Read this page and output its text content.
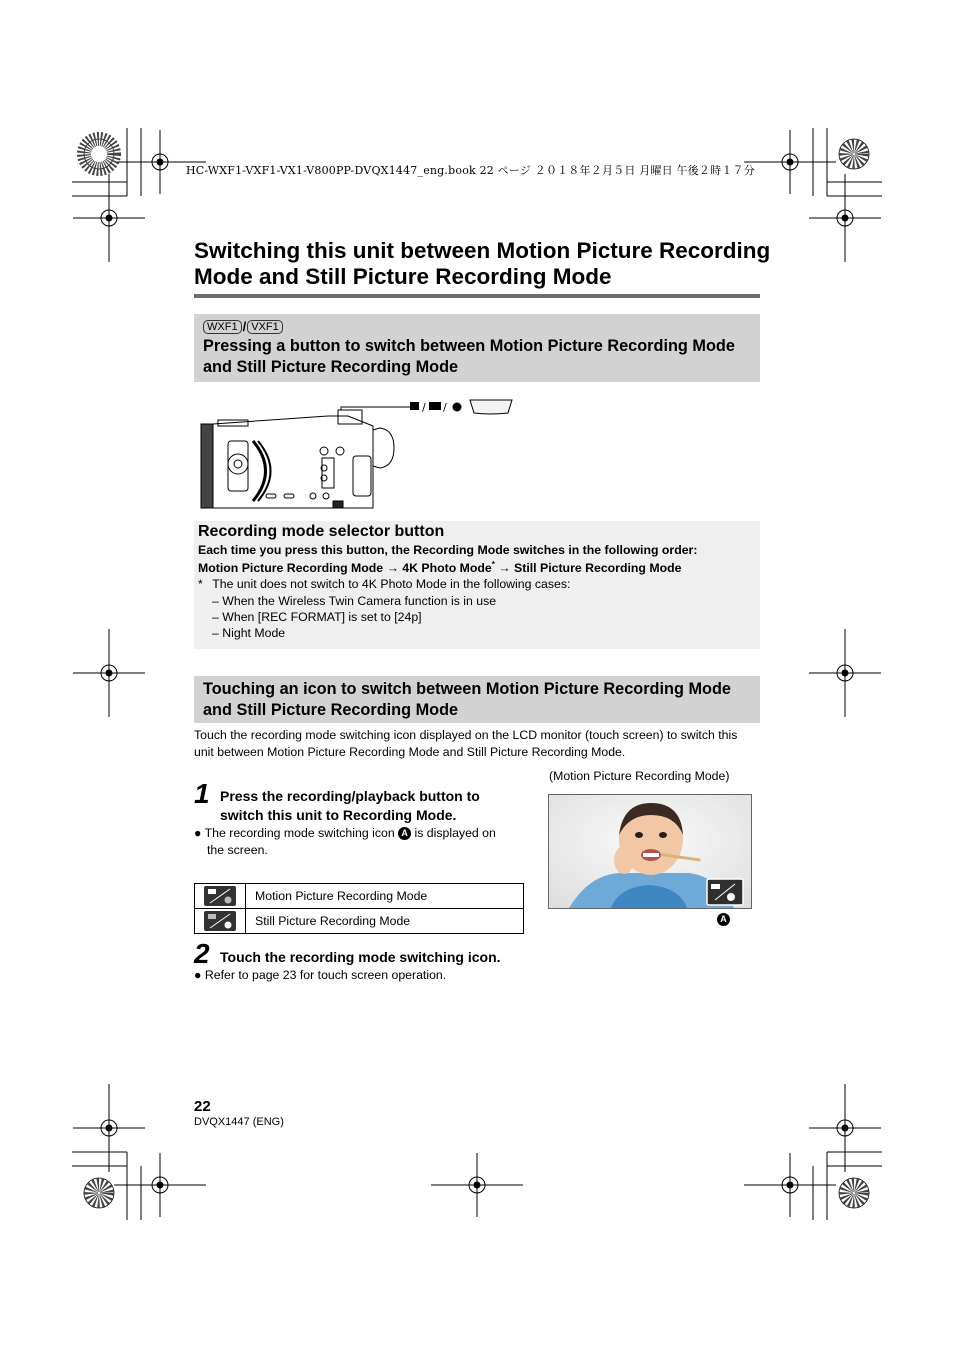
HC-WXF1-VXF1-VX1-V800PP-DVQX1447_eng.book 22 ページ ２０１８年２月５日 月曜日 午後２時１７分
Switching this unit between Motion Picture Recording
Mode and Still Picture Recording Mode
WXF1 / VXF1
Pressing a button to switch between Motion Picture Recording Mode
and Still Picture Recording Mode
/ /
Recording mode selector button
Each time you press this button, the Recording Mode switches in the following order:
Motion Picture Recording Mode → 4K Photo Mode* → Still Picture Recording Mode
* The unit does not switch to 4K Photo Mode in the following cases:
– When the Wireless Twin Camera function is in use
– When [REC FORMAT] is set to [24p]
– Night Mode
Touching an icon to switch between Motion Picture Recording Mode
and Still Picture Recording Mode
Touch the recording mode switching icon displayed on the LCD monitor (touch screen) to switch this
unit between Motion Picture Recording Mode and Still Picture Recording Mode.
(Motion Picture Recording Mode)
A
1 Press the recording/playback button to
switch this unit to Recording Mode.
● The recording mode switching icon A is displayed on
the screen.
	Motion Picture Recording Mode
	Still Picture Recording Mode
2 Touch the recording mode switching icon.
● Refer to page 23 for touch screen operation.
22
DVQX1447 (ENG)
